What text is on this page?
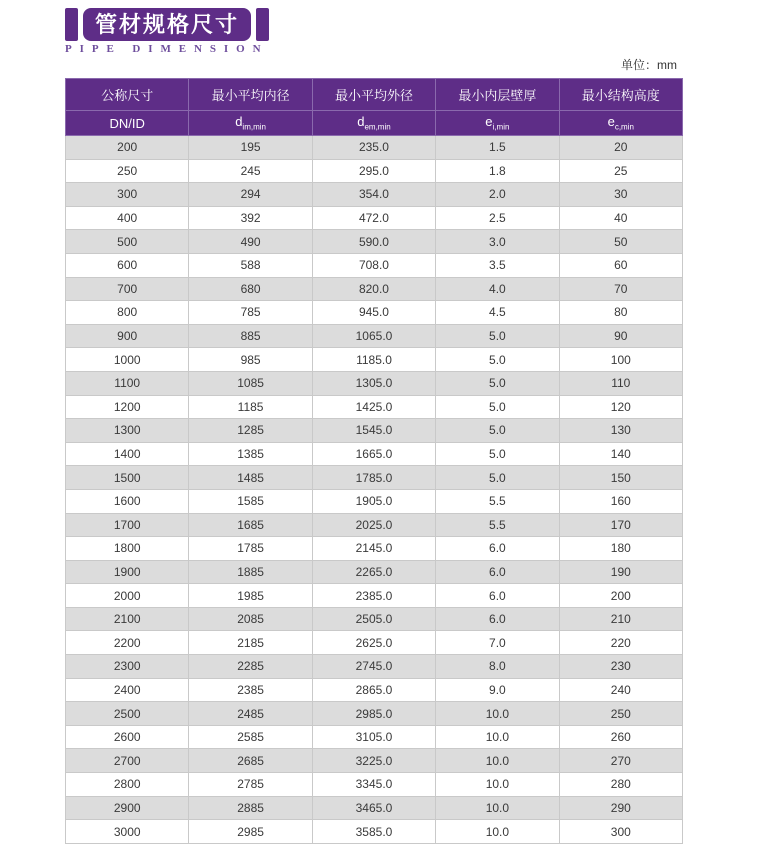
管材规格尺寸
PIPE DIMENSION
单位：mm
公称尺寸	最小平均内径	最小平均外径	最小内层壁厚	最小结构高度
DN/ID	$d_{im,min}$	$d_{em,min}$	$e_{i,min}$	$e_{c,min}$
200	195	235.0	1.5	20
250	245	295.0	1.8	25
300	294	354.0	2.0	30
400	392	472.0	2.5	40
500	490	590.0	3.0	50
600	588	708.0	3.5	60
700	680	820.0	4.0	70
800	785	945.0	4.5	80
900	885	1065.0	5.0	90
1000	985	1185.0	5.0	100
1100	1085	1305.0	5.0	110
1200	1185	1425.0	5.0	120
1300	1285	1545.0	5.0	130
1400	1385	1665.0	5.0	140
1500	1485	1785.0	5.0	150
1600	1585	1905.0	5.5	160
1700	1685	2025.0	5.5	170
1800	1785	2145.0	6.0	180
1900	1885	2265.0	6.0	190
2000	1985	2385.0	6.0	200
2100	2085	2505.0	6.0	210
2200	2185	2625.0	7.0	220
2300	2285	2745.0	8.0	230
2400	2385	2865.0	9.0	240
2500	2485	2985.0	10.0	250
2600	2585	3105.0	10.0	260
2700	2685	3225.0	10.0	270
2800	2785	3345.0	10.0	280
2900	2885	3465.0	10.0	290
3000	2985	3585.0	10.0	300
